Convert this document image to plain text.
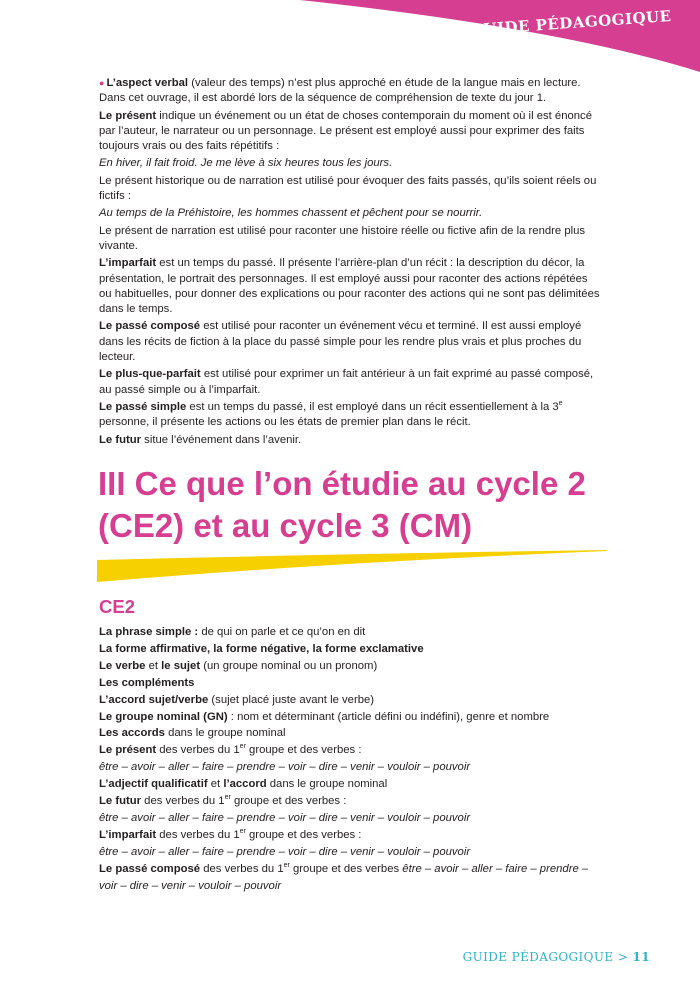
GUIDE PÉDAGOGIQUE

● L’aspect verbal (valeur des temps) n’est plus approché en étude de la langue mais en lecture. Dans cet ouvrage, il est abordé lors de la séquence de compréhension de texte du jour 1.

Le présent indique un événement ou un état de choses contemporain du moment où il est énoncé par l’auteur, le narrateur ou un personnage. Le présent est employé aussi pour exprimer des faits toujours vrais ou des faits répétitifs :

En hiver, il fait froid. Je me lève à six heures tous les jours.

Le présent historique ou de narration est utilisé pour évoquer des faits passés, qu’ils soient réels ou fictifs :

Au temps de la Préhistoire, les hommes chassent et pêchent pour se nourrir.

Le présent de narration est utilisé pour raconter une histoire réelle ou fictive afin de la rendre plus vivante.

L’imparfait est un temps du passé. Il présente l’arrière-plan d’un récit : la description du décor, la présentation, le portrait des personnages. Il est employé aussi pour raconter des actions répétées ou habituelles, pour donner des explications ou pour raconter des actions qui ne sont pas délimitées dans le temps.

Le passé composé est utilisé pour raconter un événement vécu et terminé. Il est aussi employé dans les récits de fiction à la place du passé simple pour les rendre plus vrais et plus proches du lecteur.

Le plus-que-parfait est utilisé pour exprimer un fait antérieur à un fait exprimé au passé composé, au passé simple ou à l’imparfait.

Le passé simple est un temps du passé, il est employé dans un récit essentiellement à la 3e personne, il présente les actions ou les états de premier plan dans le récit.

Le futur situe l’événement dans l’avenir.

III Ce que l’on étudie au cycle 2 (CE2) et au cycle 3 (CM)
CE2

La phrase simple : de qui on parle et ce qu’on en dit

La forme affirmative, la forme négative, la forme exclamative

Le verbe et le sujet (un groupe nominal ou un pronom)

Les compléments

L’accord sujet/verbe (sujet placé juste avant le verbe)

Le groupe nominal (GN) : nom et déterminant (article défini ou indéfini), genre et nombre

Les accords dans le groupe nominal

Le présent des verbes du 1er groupe et des verbes :

être – avoir – aller – faire – prendre – voir – dire – venir – vouloir – pouvoir

L’adjectif qualificatif et l’accord dans le groupe nominal

Le futur des verbes du 1er groupe et des verbes :

être – avoir – aller – faire – prendre – voir – dire – venir – vouloir – pouvoir

L’imparfait des verbes du 1er groupe et des verbes :

être – avoir – aller – faire – prendre – voir – dire – venir – vouloir – pouvoir

Le passé composé des verbes du 1er groupe et des verbes être – avoir – aller – faire – prendre – voir – dire – venir – vouloir – pouvoir

GUIDE PÉDAGOGIQUE > 11
